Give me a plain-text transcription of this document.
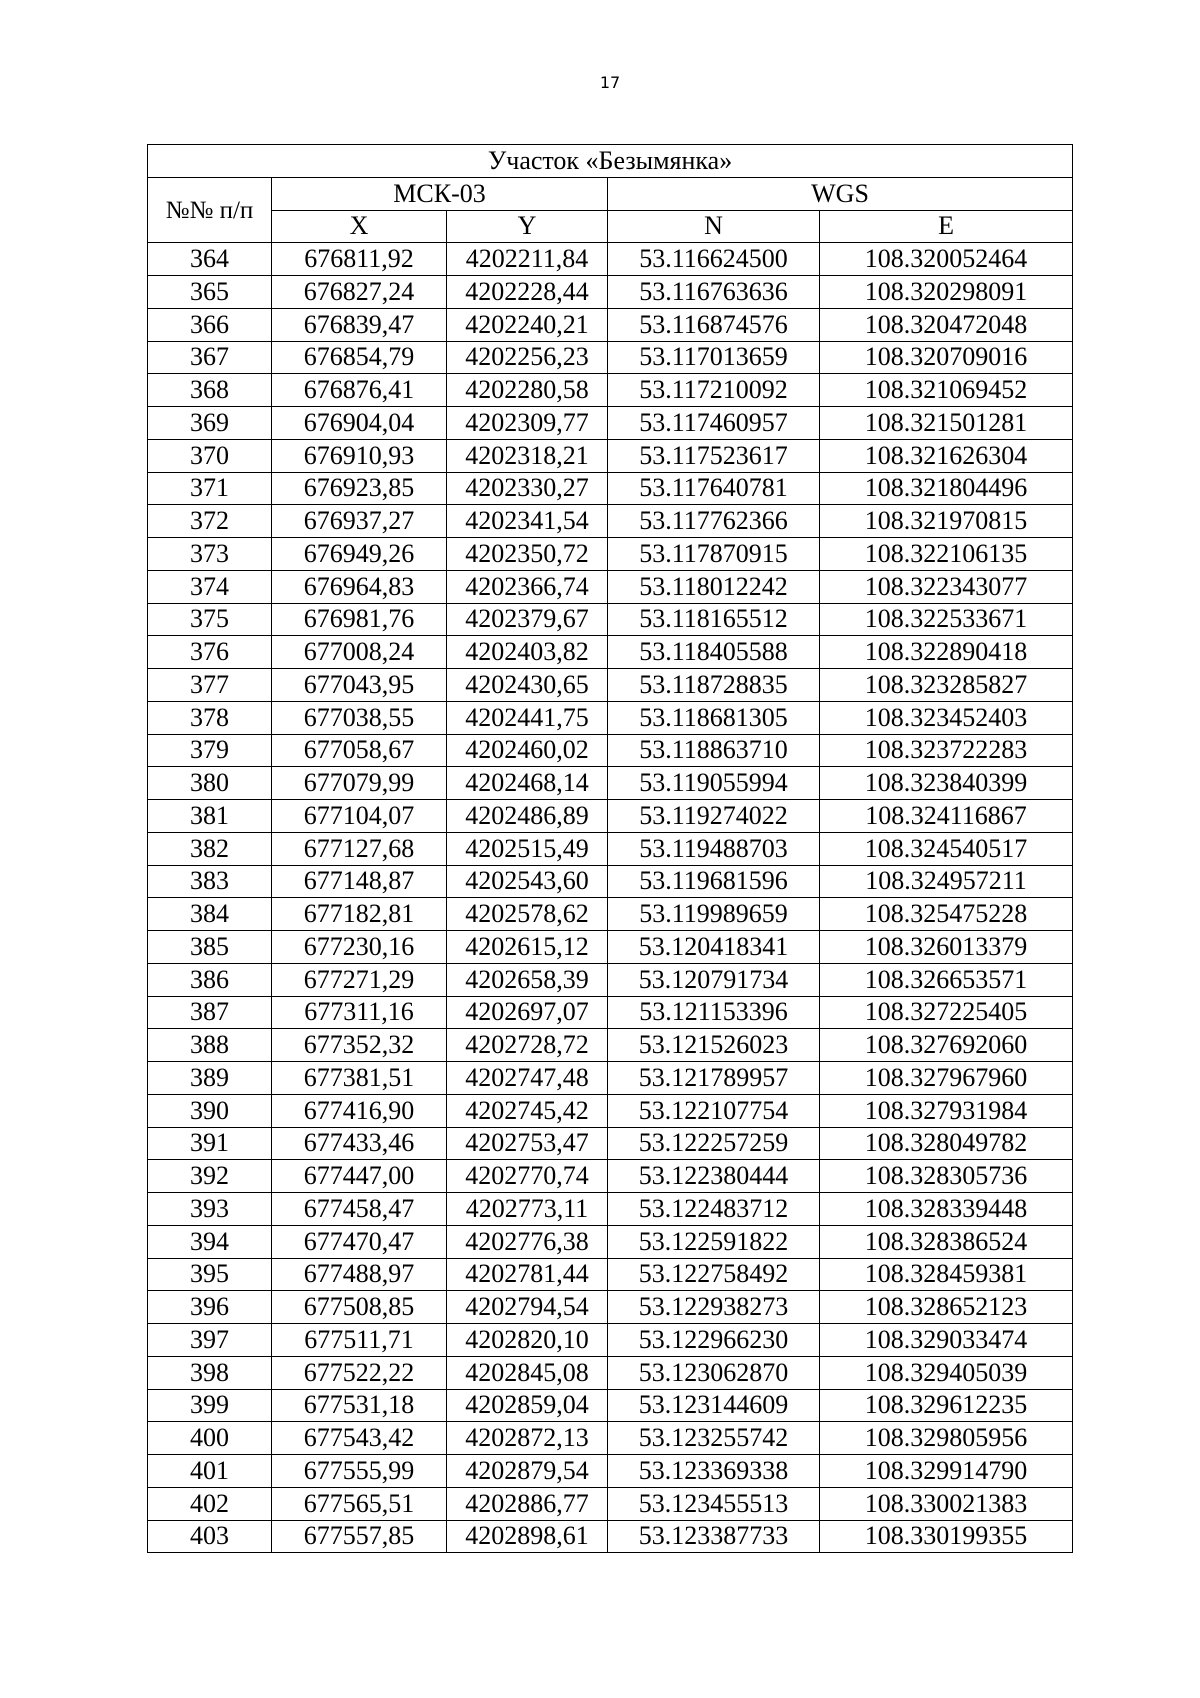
17
Участок «Безымянка»				
№№ п/п	МСК-03		WGS	
	X	Y	N	E
364	676811,92	4202211,84	53.116624500	108.320052464
365	676827,24	4202228,44	53.116763636	108.320298091
366	676839,47	4202240,21	53.116874576	108.320472048
367	676854,79	4202256,23	53.117013659	108.320709016
368	676876,41	4202280,58	53.117210092	108.321069452
369	676904,04	4202309,77	53.117460957	108.321501281
370	676910,93	4202318,21	53.117523617	108.321626304
371	676923,85	4202330,27	53.117640781	108.321804496
372	676937,27	4202341,54	53.117762366	108.321970815
373	676949,26	4202350,72	53.117870915	108.322106135
374	676964,83	4202366,74	53.118012242	108.322343077
375	676981,76	4202379,67	53.118165512	108.322533671
376	677008,24	4202403,82	53.118405588	108.322890418
377	677043,95	4202430,65	53.118728835	108.323285827
378	677038,55	4202441,75	53.118681305	108.323452403
379	677058,67	4202460,02	53.118863710	108.323722283
380	677079,99	4202468,14	53.119055994	108.323840399
381	677104,07	4202486,89	53.119274022	108.324116867
382	677127,68	4202515,49	53.119488703	108.324540517
383	677148,87	4202543,60	53.119681596	108.324957211
384	677182,81	4202578,62	53.119989659	108.325475228
385	677230,16	4202615,12	53.120418341	108.326013379
386	677271,29	4202658,39	53.120791734	108.326653571
387	677311,16	4202697,07	53.121153396	108.327225405
388	677352,32	4202728,72	53.121526023	108.327692060
389	677381,51	4202747,48	53.121789957	108.327967960
390	677416,90	4202745,42	53.122107754	108.327931984
391	677433,46	4202753,47	53.122257259	108.328049782
392	677447,00	4202770,74	53.122380444	108.328305736
393	677458,47	4202773,11	53.122483712	108.328339448
394	677470,47	4202776,38	53.122591822	108.328386524
395	677488,97	4202781,44	53.122758492	108.328459381
396	677508,85	4202794,54	53.122938273	108.328652123
397	677511,71	4202820,10	53.122966230	108.329033474
398	677522,22	4202845,08	53.123062870	108.329405039
399	677531,18	4202859,04	53.123144609	108.329612235
400	677543,42	4202872,13	53.123255742	108.329805956
401	677555,99	4202879,54	53.123369338	108.329914790
402	677565,51	4202886,77	53.123455513	108.330021383
403	677557,85	4202898,61	53.123387733	108.330199355
